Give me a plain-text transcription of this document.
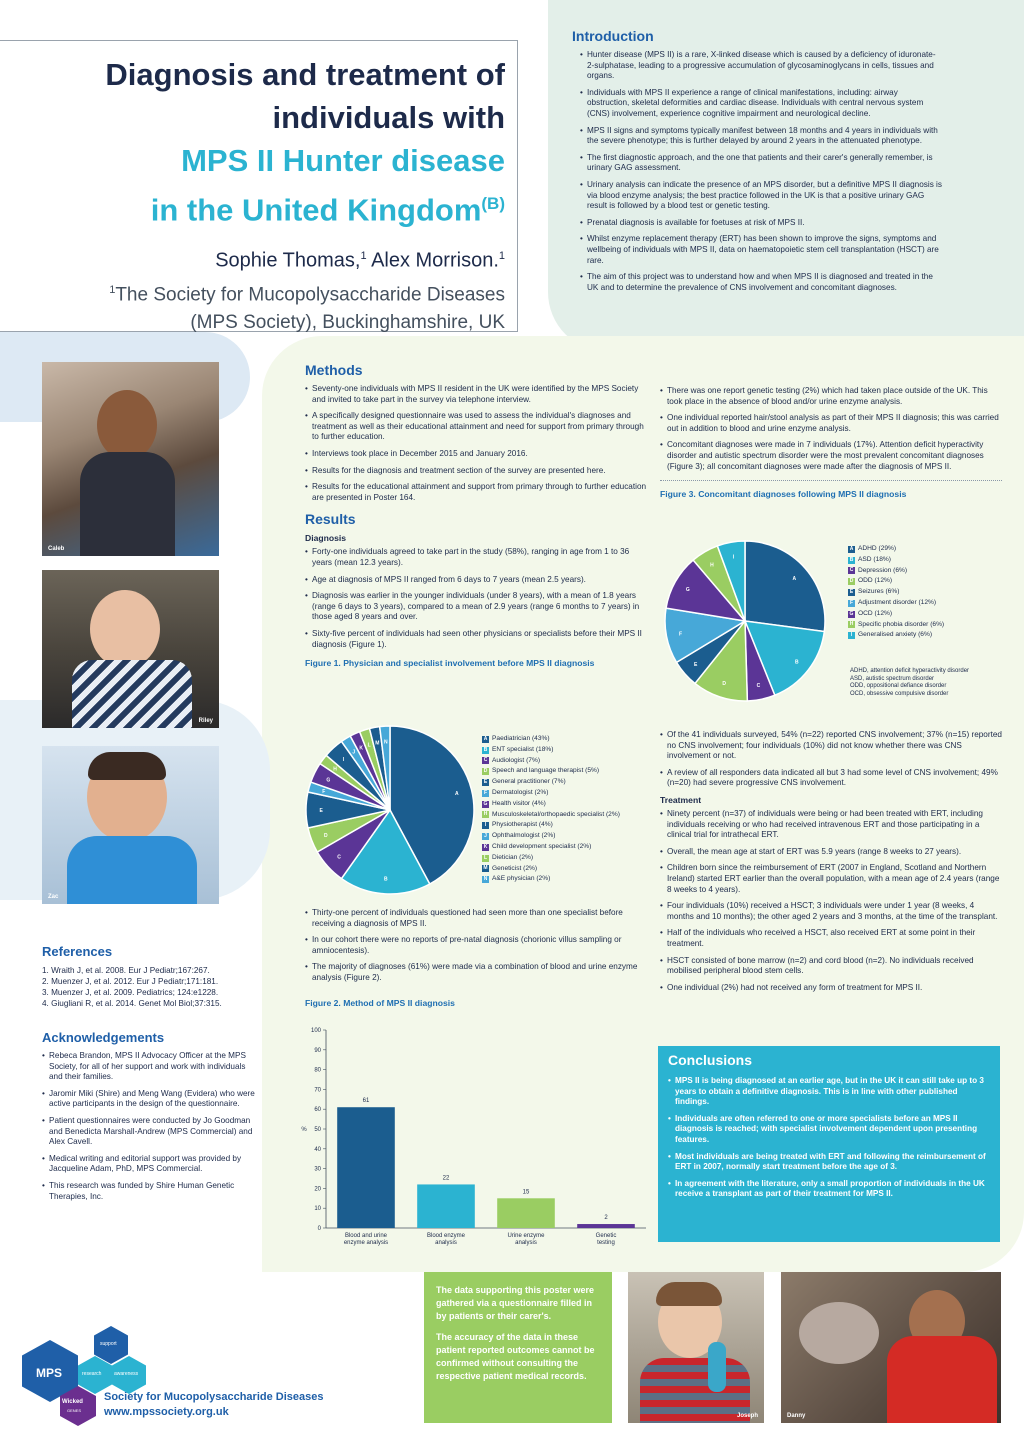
Diagnosis and treatment of
individuals with
MPS II Hunter disease
in the United Kingdom$^{(B)}$
Sophie Thomas,$^1$ Alex Morrison.$^1$
$^1$The Society for Mucopolysaccharide Diseases
(MPS Society), Buckinghamshire, UK
Introduction
• Hunter disease (MPS II) is a rare, X-linked disease which is caused by a deficiency of iduronate-2-sulphatase, leading to a progressive accumulation of glycosaminoglycans in cells, tissues and organs.
• Individuals with MPS II experience a range of clinical manifestations, including: airway obstruction, skeletal deformities and cardiac disease. Individuals with central nervous system (CNS) involvement, experience cognitive impairment and neurological decline.
• MPS II signs and symptoms typically manifest between 18 months and 4 years in individuals with the severe phenotype; this is further delayed by around 2 years in the attenuated phenotype.
• The first diagnostic approach, and the one that patients and their carer's generally remember, is urinary GAG assessment.
• Urinary analysis can indicate the presence of an MPS disorder, but a definitive MPS II diagnosis is via blood enzyme analysis; the best practice followed in the UK is that a positive urinary GAG result is followed by a blood test or genetic testing.
• Prenatal diagnosis is available for foetuses at risk of MPS II.
• Whilst enzyme replacement therapy (ERT) has been shown to improve the signs, symptoms and wellbeing of individuals with MPS II, data on haematopoietic stem cell transplantation (HSCT) are rare.
• The aim of this project was to understand how and when MPS II is diagnosed and treated in the UK and to determine the prevalence of CNS involvement and concomitant diagnoses.
Caleb
Riley
Zac
References
1. Wraith J, et al. 2008. Eur J Pediatr;167:267.
2. Muenzer J, et al. 2012. Eur J Pediatr;171:181.
3. Muenzer J, et al. 2009. Pediatrics; 124:e1228.
4. Giugliani R, et al. 2014. Genet Mol Biol;37:315.
Acknowledgements
• Rebeca Brandon, MPS II Advocacy Officer at the MPS Society, for all of her support and work with individuals and their families.
• Jaromir Miki (Shire) and Meng Wang (Evidera) who were active participants in the design of the questionnaire.
• Patient questionnaires were conducted by Jo Goodman and Benedicta Marshall-Andrew (MPS Commercial) and Alex Cavell.
• Medical writing and editorial support was provided by Jacqueline Adam, PhD, MPS Commercial.
• This research was funded by Shire Human Genetic Therapies, Inc.
Methods
• Seventy-one individuals with MPS II resident in the UK were identified by the MPS Society and invited to take part in the survey via telephone interview.
• A specifically designed questionnaire was used to assess the individual's diagnoses and treatment as well as their educational attainment and need for support from primary through to further education.
• Interviews took place in December 2015 and January 2016.
• Results for the diagnosis and treatment section of the survey are presented here.
• Results for the educational attainment and support from primary through to further education are presented in Poster 164.
Results
Diagnosis
• Forty-one individuals agreed to take part in the study (58%), ranging in age from 1 to 36 years (mean 12.3 years).
• Age at diagnosis of MPS II ranged from 6 days to 7 years (mean 2.5 years).
• Diagnosis was earlier in the younger individuals (under 8 years), with a mean of 1.8 years (range 6 days to 3 years), compared to a mean of 2.9 years (range 6 months to 7 years) in those aged 8 years and over.
• Sixty-five percent of individuals had seen other physicians or specialists before their MPS II diagnosis (Figure 1).
Figure 1. Physician and specialist involvement before MPS II diagnosis
A
B
C
D
E
F
G
H
I
J
K
L M N
A Paediatrician (43%)
B ENT specialist (18%)
C Audiologist (7%)
D Speech and language therapist (5%)
E General practitioner (7%)
F Dermatologist (2%)
G Health visitor (4%)
H Musculoskeletal/orthopaedic specialist (2%)
I Physiotherapist (4%)
J Ophthalmologist (2%)
K Child development specialist (2%)
L Dietician (2%)
M Geneticist (2%)
N A&E physician (2%)
• Thirty-one percent of individuals questioned had seen more than one specialist before receiving a diagnosis of MPS II.
• In our cohort there were no reports of pre-natal diagnosis (chorionic villus sampling or amniocentesis).
• The majority of diagnoses (61%) were made via a combination of blood and urine enzyme analysis (Figure 2).
Figure 2. Method of MPS II diagnosis
0
10
20
30
40
50
60
70
80
90
100
%
61
Blood and urine enzyme analysis
22
Blood enzyme analysis
15
Urine enzyme analysis
2
Genetic testing
• There was one report genetic testing (2%) which had taken place outside of the UK. This took place in the absence of blood and/or urine enzyme analysis.
• One individual reported hair/stool analysis as part of their MPS II diagnosis; this was carried out in addition to blood and urine enzyme analysis.
• Concomitant diagnoses were made in 7 individuals (17%). Attention deficit hyperactivity disorder and autistic spectrum disorder were the most prevalent concomitant diagnoses (Figure 3); all concomitant diagnoses were made after the diagnosis of MPS II.
Figure 3. Concomitant diagnoses following MPS II diagnosis
A
B
C
D
E
F
G
H
I
A ADHD (29%)
B ASD (18%)
C Depression (6%)
D ODD (12%)
E Seizures (6%)
F Adjustment disorder (12%)
G OCD (12%)
H Specific phobia disorder (6%)
I Generalised anxiety (6%)
ADHD, attention deficit hyperactivity disorder
ASD, autistic spectrum disorder
ODD, oppositional defiance disorder
OCD, obsessive compulsive disorder
• Of the 41 individuals surveyed, 54% (n=22) reported CNS involvement; 37% (n=15) reported no CNS involvement; four individuals (10%) did not know whether there was CNS involvement or not.
• A review of all responders data indicated all but 3 had some level of CNS involvement; 49% (n=20) had severe progressive CNS involvement.
Treatment
• Ninety percent (n=37) of individuals were being or had been treated with ERT, including individuals receiving or who had received intravenous ERT and those participating in a clinical trial for intrathecal ERT.
• Overall, the mean age at start of ERT was 5.9 years (range 8 weeks to 27 years).
• Children born since the reimbursement of ERT (2007 in England, Scotland and Northern Ireland) started ERT earlier than the overall population, with a mean age of 2.4 years (range 8 weeks to 4 years).
• Four individuals (10%) received a HSCT; 3 individuals were under 1 year (8 weeks, 4 months and 10 months); the other aged 2 years and 3 months, at the time of the transplant.
• Half of the individuals who received a HSCT, also received ERT at some point in their treatment.
• HSCT consisted of bone marrow (n=2) and cord blood (n=2). No individuals received mobilised peripheral blood stem cells.
• One individual (2%) had not received any form of treatment for MPS II.
Conclusions
• MPS II is being diagnosed at an earlier age, but in the UK it can still take up to 3 years to obtain a definitive diagnosis. This is in line with other published findings.
• Individuals are often referred to one or more specialists before an MPS II diagnosis is reached; with specialist involvement dependent upon presenting features.
• Most individuals are being treated with ERT and following the reimbursement of ERT in 2007, normally start treatment before the age of 3.
• In agreement with the literature, only a small proportion of individuals in the UK receive a transplant as part of their treatment for MPS II.
The data supporting this poster were gathered via a questionnaire filled in by patients or their carer's.
The accuracy of the data in these patient reported outcomes cannot be confirmed without consulting the respective patient medical records.
Joseph	Danny
MPS
support
research	awareness
Wicked
GENES
Society for Mucopolysaccharide Diseases
www.mpssociety.org.uk
